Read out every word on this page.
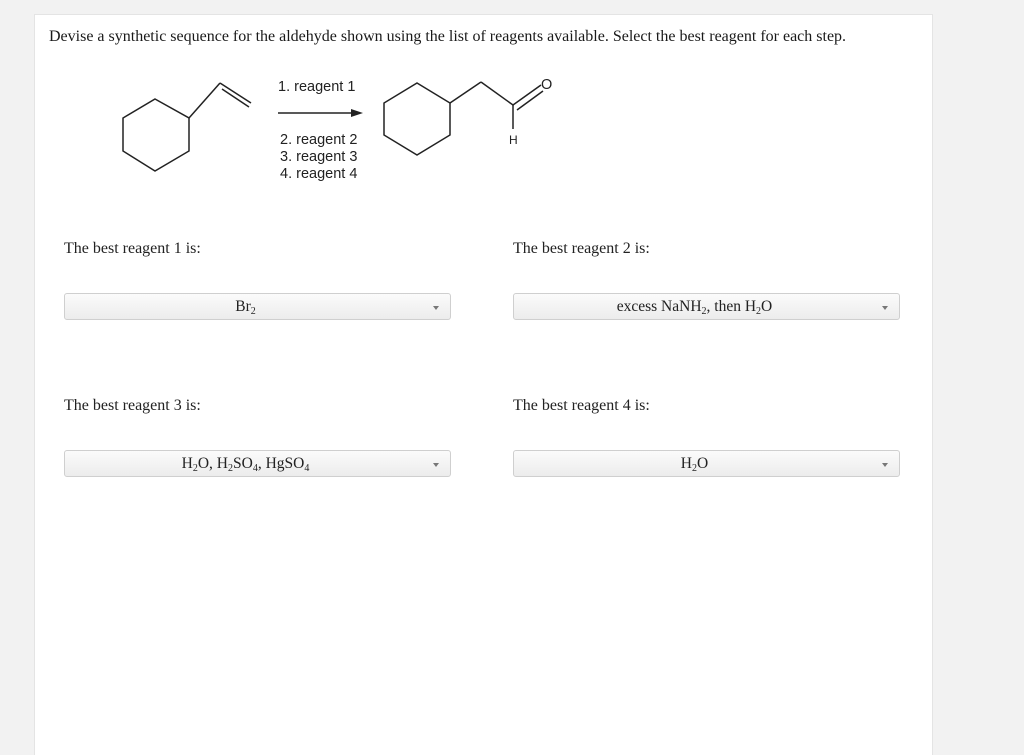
Devise a synthetic sequence for the aldehyde shown using the list of reagents available. Select the best reagent for each step.
1. reagent 1
2. reagent 2
3. reagent 3
4. reagent 4
O
H
The best reagent 1 is:
$Br_2$
The best reagent 2 is:
excess NaNH$_2$, then $H_2O$
The best reagent 3 is:
$H_2O$, $H_2SO_4$, HgSO$_4$
The best reagent 4 is:
$H_2O$
